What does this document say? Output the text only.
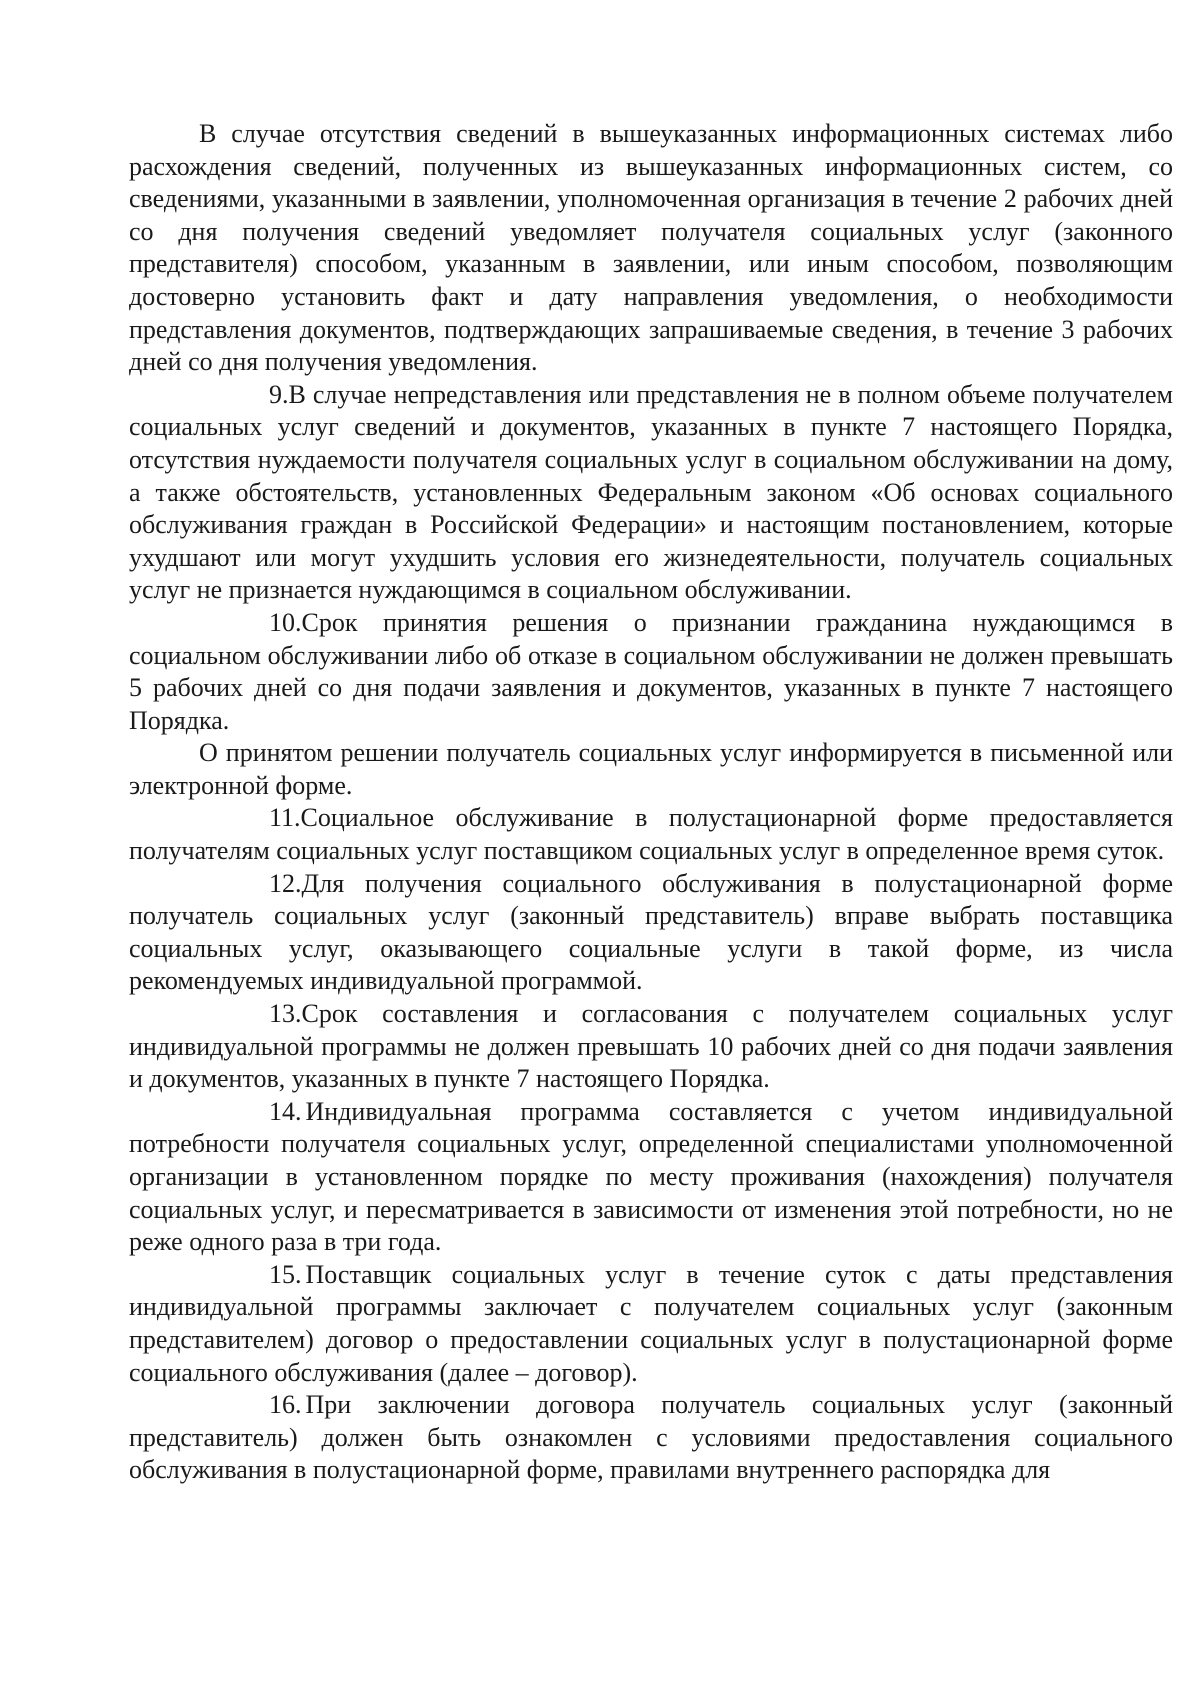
В случае отсутствия сведений в вышеуказанных информационных системах либо расхождения сведений, полученных из вышеуказанных информационных систем, со сведениями, указанными в заявлении, уполномоченная организация в течение 2 рабочих дней со дня получения сведений уведомляет получателя социальных услуг (законного представителя) способом, указанным в заявлении, или иным способом, позволяющим достоверно установить факт и дату направления уведомления, о необходимости представления документов, подтверждающих запрашиваемые сведения, в течение 3 рабочих дней со дня получения уведомления.

9.В случае непредставления или представления не в полном объеме получателем социальных услуг сведений и документов, указанных в пункте 7 настоящего Порядка, отсутствия нуждаемости получателя социальных услуг в социальном обслуживании на дому, а также обстоятельств, установленных Федеральным законом «Об основах социального обслуживания граждан в Российской Федерации» и настоящим постановлением, которые ухудшают или могут ухудшить условия его жизнедеятельности, получатель социальных услуг не признается нуждающимся в социальном обслуживании.

10.Срок принятия решения о признании гражданина нуждающимся в социальном обслуживании либо об отказе в социальном обслуживании не должен превышать 5 рабочих дней со дня подачи заявления и документов, указанных в пункте 7 настоящего Порядка.

О принятом решении получатель социальных услуг информируется в письменной или электронной форме.

11.Социальное обслуживание в полустационарной форме предоставляется получателям социальных услуг поставщиком социальных услуг в определенное время суток.

12.Для получения социального обслуживания в полустационарной форме получатель социальных услуг (законный представитель) вправе выбрать поставщика социальных услуг, оказывающего социальные услуги в такой форме, из числа рекомендуемых индивидуальной программой.

13.Срок составления и согласования с получателем социальных услуг индивидуальной программы не должен превышать 10 рабочих дней со дня подачи заявления и документов, указанных в пункте 7 настоящего Порядка.

14. Индивидуальная программа составляется с учетом индивидуальной потребности получателя социальных услуг, определенной специалистами уполномоченной организации в установленном порядке по месту проживания (нахождения) получателя социальных услуг, и пересматривается в зависимости от изменения этой потребности, но не реже одного раза в три года.

15. Поставщик социальных услуг в течение суток с даты представления индивидуальной программы заключает с получателем социальных услуг (законным представителем) договор о предоставлении социальных услуг в полустационарной форме социального обслуживания (далее – договор).

16. При заключении договора получатель социальных услуг (законный представитель) должен быть ознакомлен с условиями предоставления социального обслуживания в полустационарной форме, правилами внутреннего распорядка для
